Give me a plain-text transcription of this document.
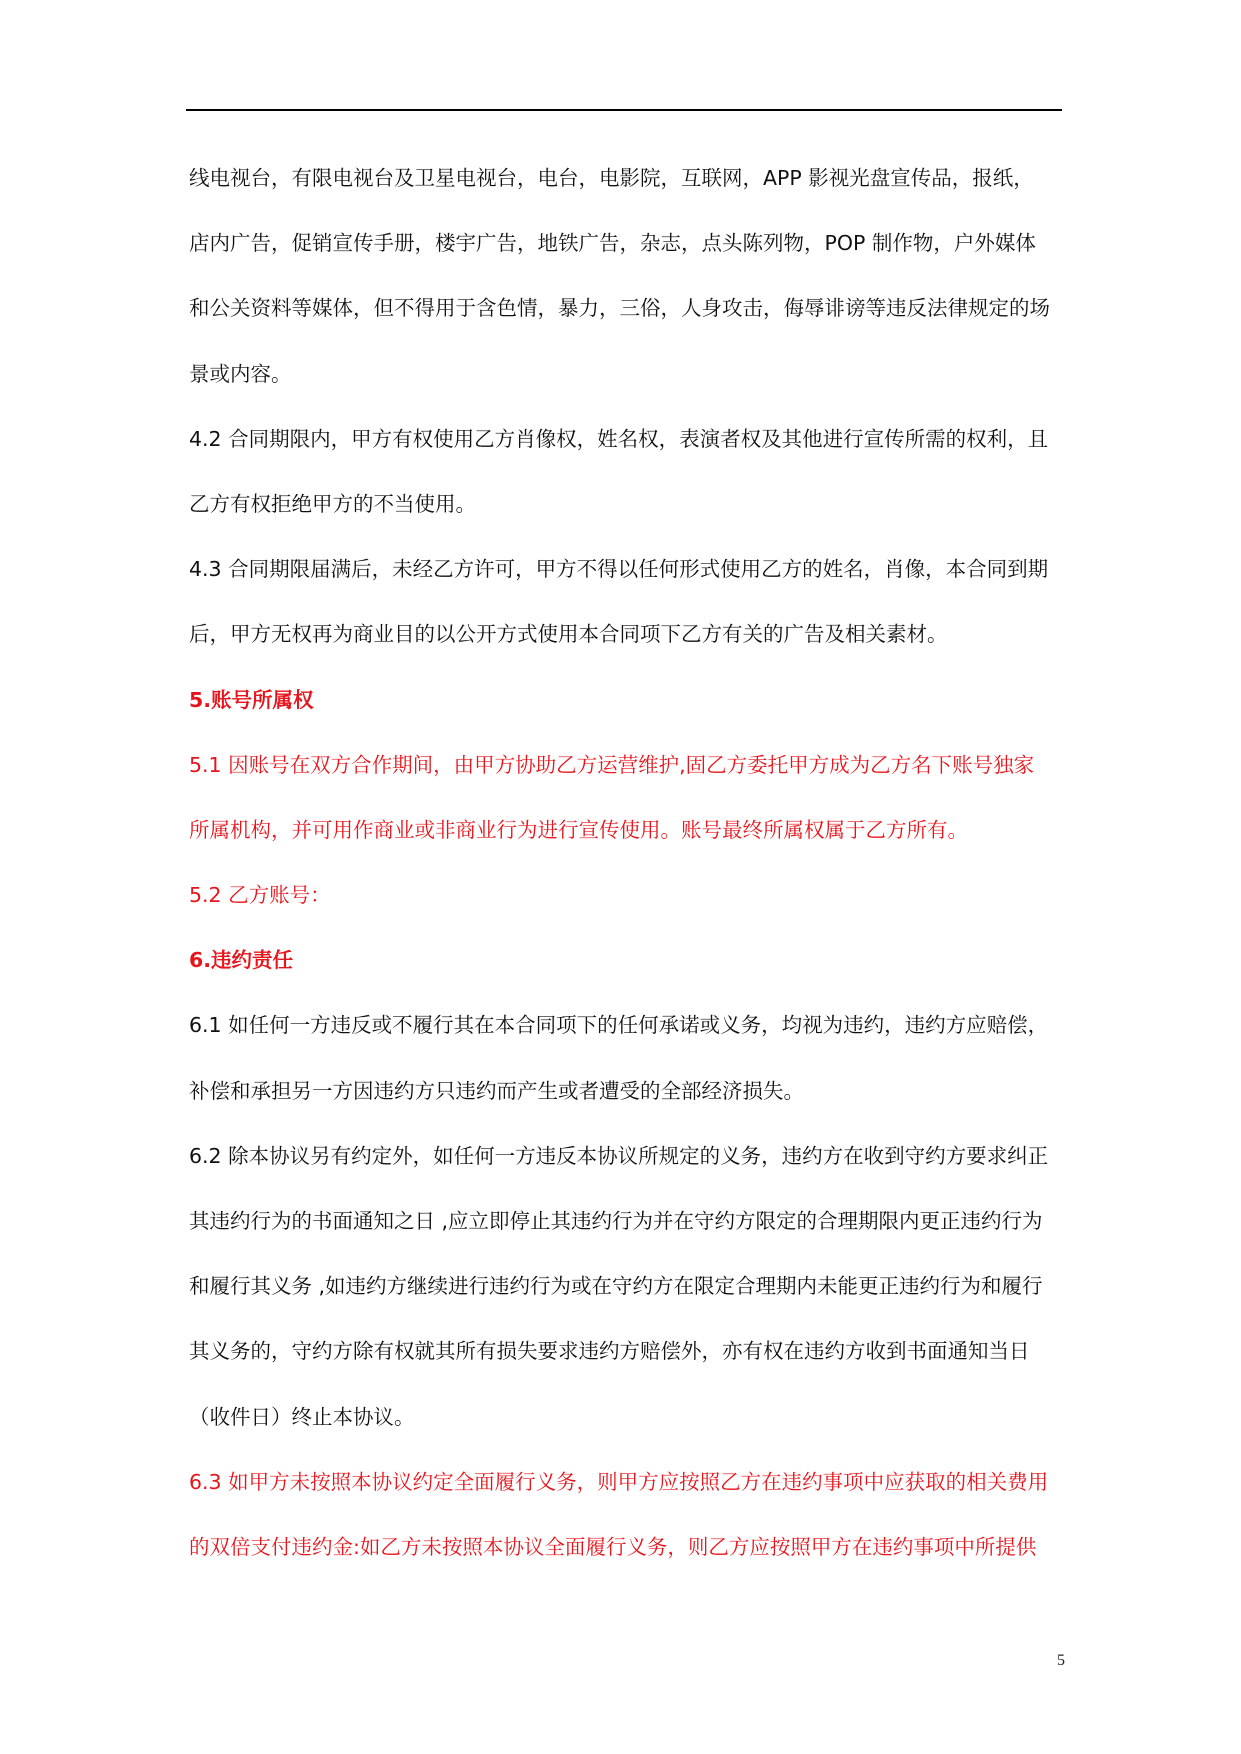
线电视台，有限电视台及卫星电视台，电台，电影院，互联网，APP 影视光盘宣传品，报纸，
店内广告，促销宣传手册，楼宇广告，地铁广告，杂志，点头陈列物，POP 制作物，户外媒体
和公关资料等媒体，但不得用于含色情，暴力，三俗，人身攻击，侮辱诽谤等违反法律规定的场
景或内容。
4.2 合同期限内，甲方有权使用乙方肖像权，姓名权，表演者权及其他进行宣传所需的权利，且
乙方有权拒绝甲方的不当使用。
4.3 合同期限届满后，未经乙方许可，甲方不得以任何形式使用乙方的姓名，肖像，本合同到期
后，甲方无权再为商业目的以公开方式使用本合同项下乙方有关的广告及相关素材。
5.账号所属权
5.1 因账号在双方合作期间，由甲方协助乙方运营维护,固乙方委托甲方成为乙方名下账号独家
所属机构，并可用作商业或非商业行为进行宣传使用。账号最终所属权属于乙方所有。
5.2 乙方账号：
6.违约责任
6.1 如任何一方违反或不履行其在本合同项下的任何承诺或义务，均视为违约，违约方应赔偿，
补偿和承担另一方因违约方只违约而产生或者遭受的全部经济损失。
6.2 除本协议另有约定外，如任何一方违反本协议所规定的义务，违约方在收到守约方要求纠正
其违约行为的书面通知之日 ,应立即停止其违约行为并在守约方限定的合理期限内更正违约行为
和履行其义务 ,如违约方继续进行违约行为或在守约方在限定合理期内未能更正违约行为和履行
其义务的，守约方除有权就其所有损失要求违约方赔偿外，亦有权在违约方收到书面通知当日
（收件日）终止本协议。
6.3 如甲方未按照本协议约定全面履行义务，则甲方应按照乙方在违约事项中应获取的相关费用
的双倍支付违约金:如乙方未按照本协议全面履行义务，则乙方应按照甲方在违约事项中所提供
5
